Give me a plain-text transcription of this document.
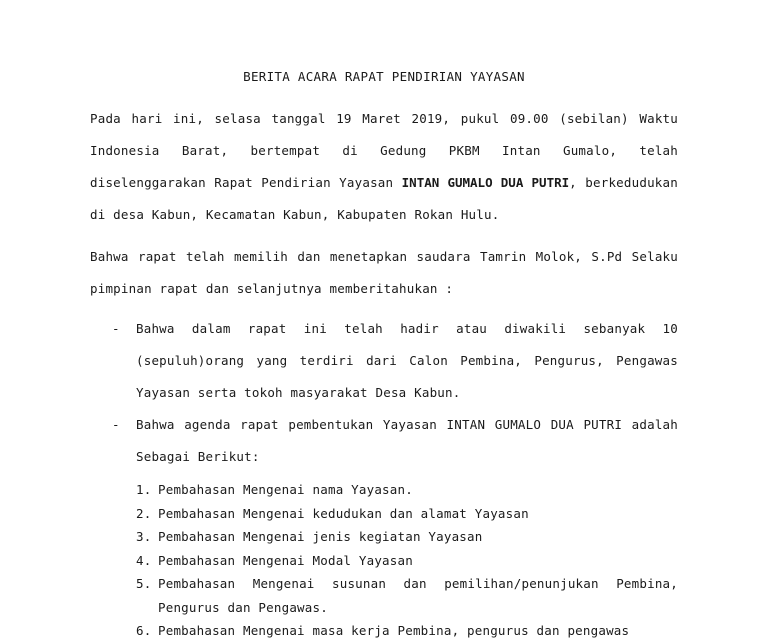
BERITA ACARA RAPAT PENDIRIAN YAYASAN
Pada hari ini, selasa tanggal 19 Maret 2019, pukul 09.00 (sebilan) Waktu Indonesia Barat, bertempat di Gedung PKBM Intan Gumalo, telah diselenggarakan Rapat Pendirian Yayasan INTAN GUMALO DUA PUTRI, berkedudukan di desa Kabun, Kecamatan Kabun, Kabupaten Rokan Hulu.
Bahwa rapat telah memilih dan menetapkan saudara Tamrin Molok, S.Pd Selaku pimpinan rapat dan selanjutnya memberitahukan :
- Bahwa dalam rapat ini telah hadir atau diwakili sebanyak 10 (sepuluh)orang yang terdiri dari Calon Pembina, Pengurus, Pengawas Yayasan serta tokoh masyarakat Desa Kabun.
- Bahwa agenda rapat pembentukan Yayasan INTAN GUMALO DUA PUTRI adalah Sebagai Berikut:
1. Pembahasan Mengenai nama Yayasan.
2. Pembahasan Mengenai kedudukan dan alamat Yayasan
3. Pembahasan Mengenai jenis kegiatan Yayasan
4. Pembahasan Mengenai Modal Yayasan
5. Pembahasan Mengenai susunan dan pemilihan/penunjukan Pembina, Pengurus dan Pengawas.
6. Pembahasan Mengenai masa kerja Pembina, pengurus dan pengawas
